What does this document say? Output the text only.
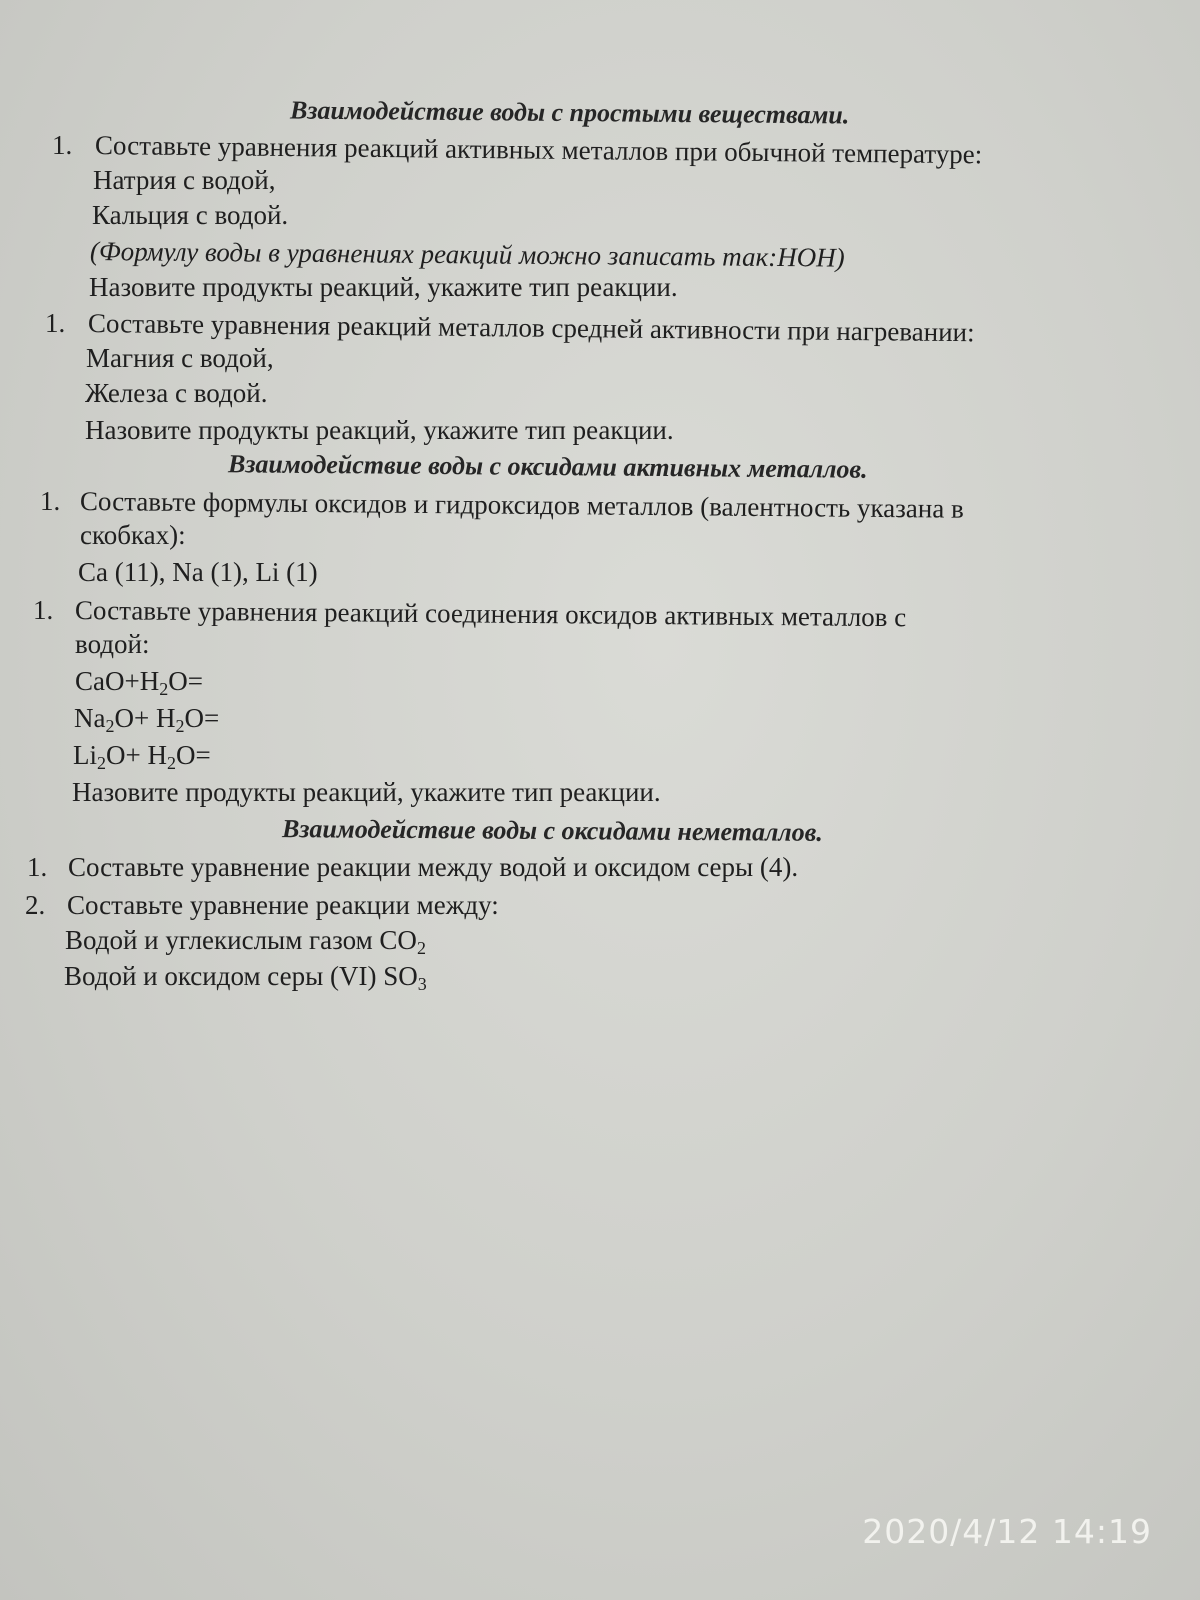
Взаимодействие воды с простыми веществами.
1. Составьте уравнения реакций активных металлов при обычной температуре:
Натрия с водой,
Кальция с водой.
(Формулу воды в уравнениях реакций можно записать так:HOH)
Назовите продукты реакций, укажите тип реакции.
1. Составьте уравнения реакций металлов средней активности при нагревании:
Магния с водой,
Железа с водой.
Назовите продукты реакций, укажите тип реакции.
Взаимодействие воды с оксидами активных металлов.
1. Составьте формулы оксидов и гидроксидов металлов (валентность указана в
скобках):
Ca (11), Na (1), Li (1)
1. Составьте уравнения реакций соединения оксидов активных металлов с
водой:
$CaO+H_2O=$
$Na_2O+ H_2O=$
$Li_2O+ H_2O=$
Назовите продукты реакций, укажите тип реакции.
Взаимодействие воды с оксидами неметаллов.
1. Составьте уравнение реакции между водой и оксидом серы (4).
2. Составьте уравнение реакции между:
Водой и углекислым газом $CO_2$
Водой и оксидом серы (VI) $SO_3$
2020/4/12 14:19
